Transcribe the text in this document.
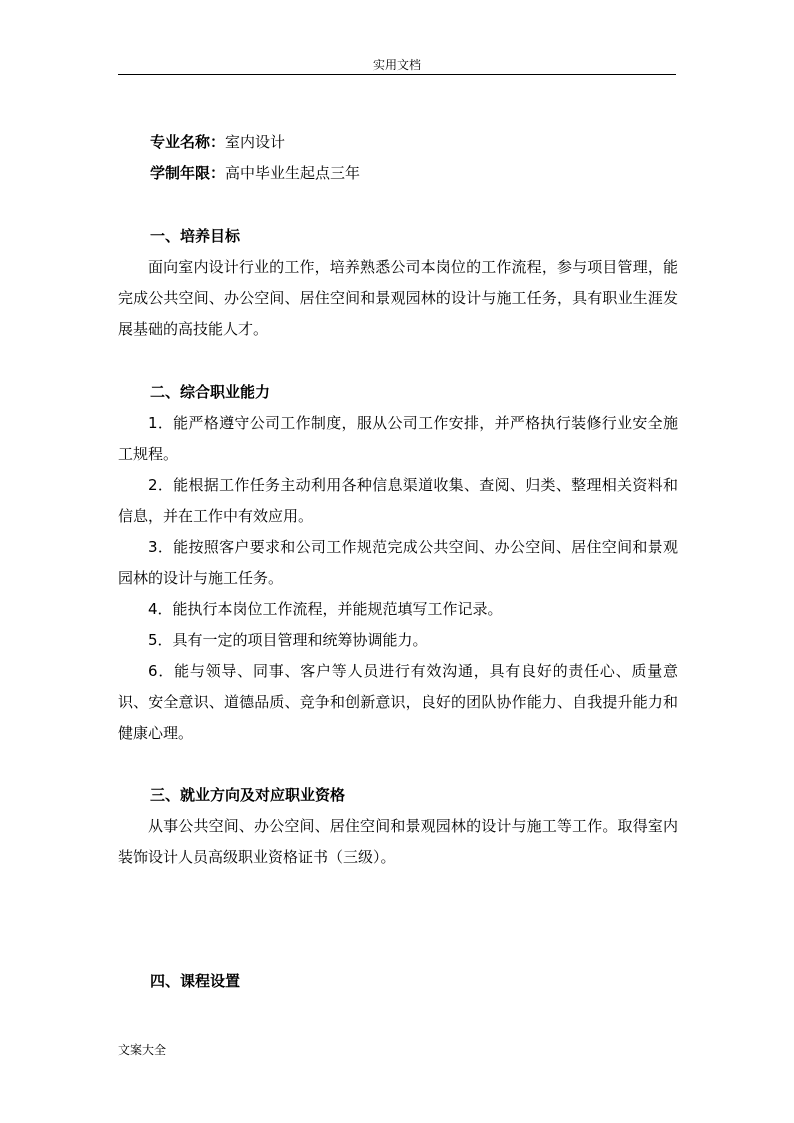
实用文档
专业名称：室内设计
学制年限：高中毕业生起点三年
一、培养目标

面向室内设计行业的工作，培养熟悉公司本岗位的工作流程，参与项目管理，能完成公共空间、办公空间、居住空间和景观园林的设计与施工任务，具有职业生涯发展基础的高技能人才。

二、综合职业能力

1．能严格遵守公司工作制度，服从公司工作安排，并严格执行装修行业安全施工规程。

2．能根据工作任务主动利用各种信息渠道收集、查阅、归类、整理相关资料和信息，并在工作中有效应用。

3．能按照客户要求和公司工作规范完成公共空间、办公空间、居住空间和景观园林的设计与施工任务。

4．能执行本岗位工作流程，并能规范填写工作记录。

5．具有一定的项目管理和统筹协调能力。

6．能与领导、同事、客户等人员进行有效沟通，具有良好的责任心、质量意识、安全意识、道德品质、竞争和创新意识，良好的团队协作能力、自我提升能力和健康心理。

三、就业方向及对应职业资格

从事公共空间、办公空间、居住空间和景观园林的设计与施工等工作。取得室内装饰设计人员高级职业资格证书（三级）。

四、课程设置
文案大全
